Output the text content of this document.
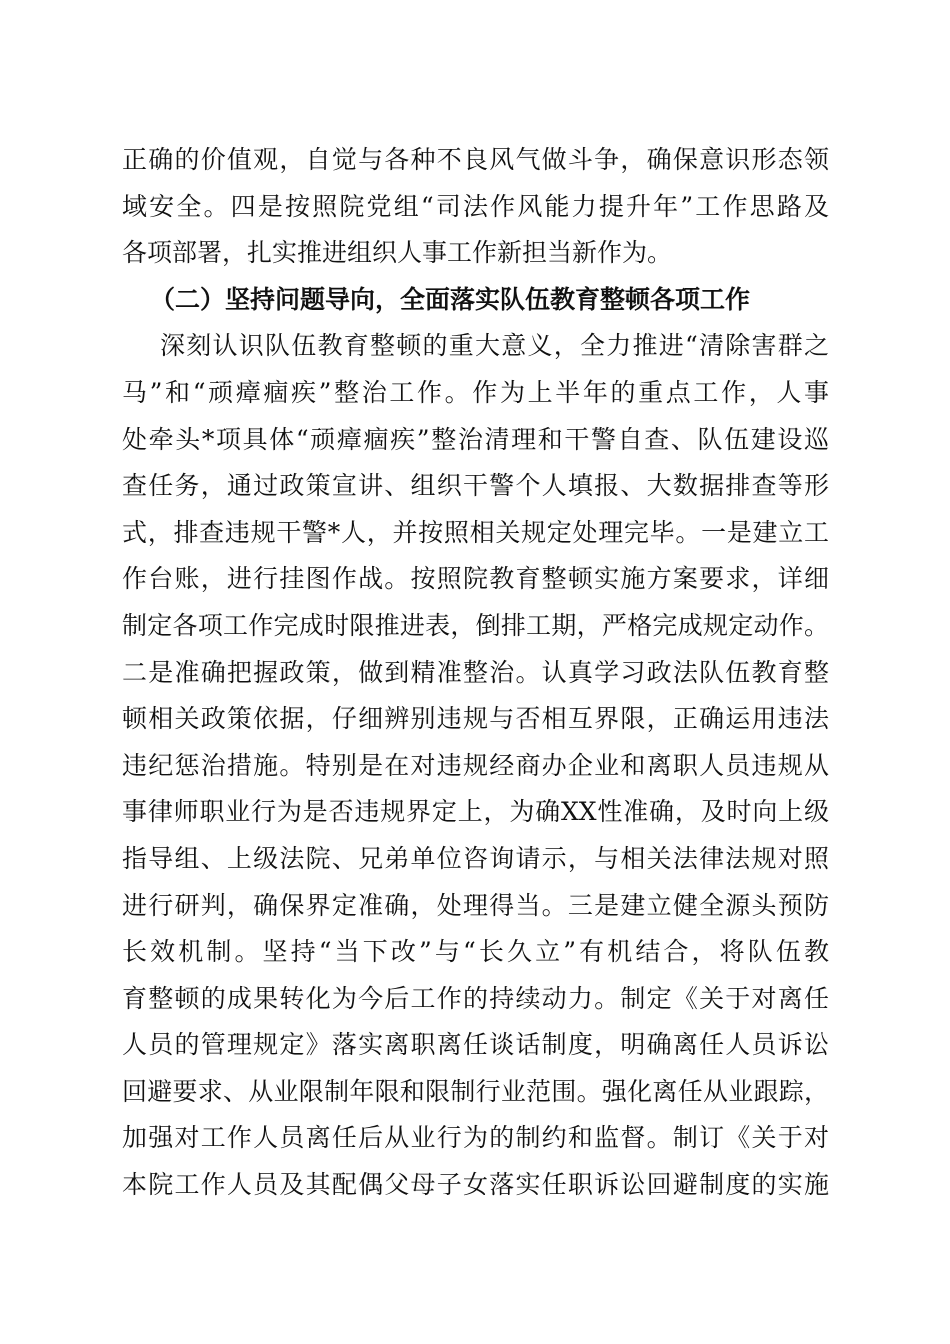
正确的价值观，自觉与各种不良风气做斗争，确保意识形态领
域安全。四是按照院党组“司法作风能力提升年”工作思路及
各项部署，扎实推进组织人事工作新担当新作为。
（二）坚持问题导向，全面落实队伍教育整顿各项工作
深刻认识队伍教育整顿的重大意义，全力推进“清除害群之
马”和“顽瘴痼疾”整治工作。作为上半年的重点工作，人事
处牵头*项具体“顽瘴痼疾”整治清理和干警自查、队伍建设巡
查任务，通过政策宣讲、组织干警个人填报、大数据排查等形
式，排查违规干警*人，并按照相关规定处理完毕。一是建立工
作台账，进行挂图作战。按照院教育整顿实施方案要求，详细
制定各项工作完成时限推进表，倒排工期，严格完成规定动作。
二是准确把握政策，做到精准整治。认真学习政法队伍教育整
顿相关政策依据，仔细辨别违规与否相互界限，正确运用违法
违纪惩治措施。特别是在对违规经商办企业和离职人员违规从
事律师职业行为是否违规界定上，为确XX性准确，及时向上级
指导组、上级法院、兄弟单位咨询请示，与相关法律法规对照
进行研判，确保界定准确，处理得当。三是建立健全源头预防
长效机制。坚持“当下改”与“长久立”有机结合，将队伍教
育整顿的成果转化为今后工作的持续动力。制定《关于对离任
人员的管理规定》落实离职离任谈话制度，明确离任人员诉讼
回避要求、从业限制年限和限制行业范围。强化离任从业跟踪，
加强对工作人员离任后从业行为的制约和监督。制订《关于对
本院工作人员及其配偶父母子女落实任职诉讼回避制度的实施
